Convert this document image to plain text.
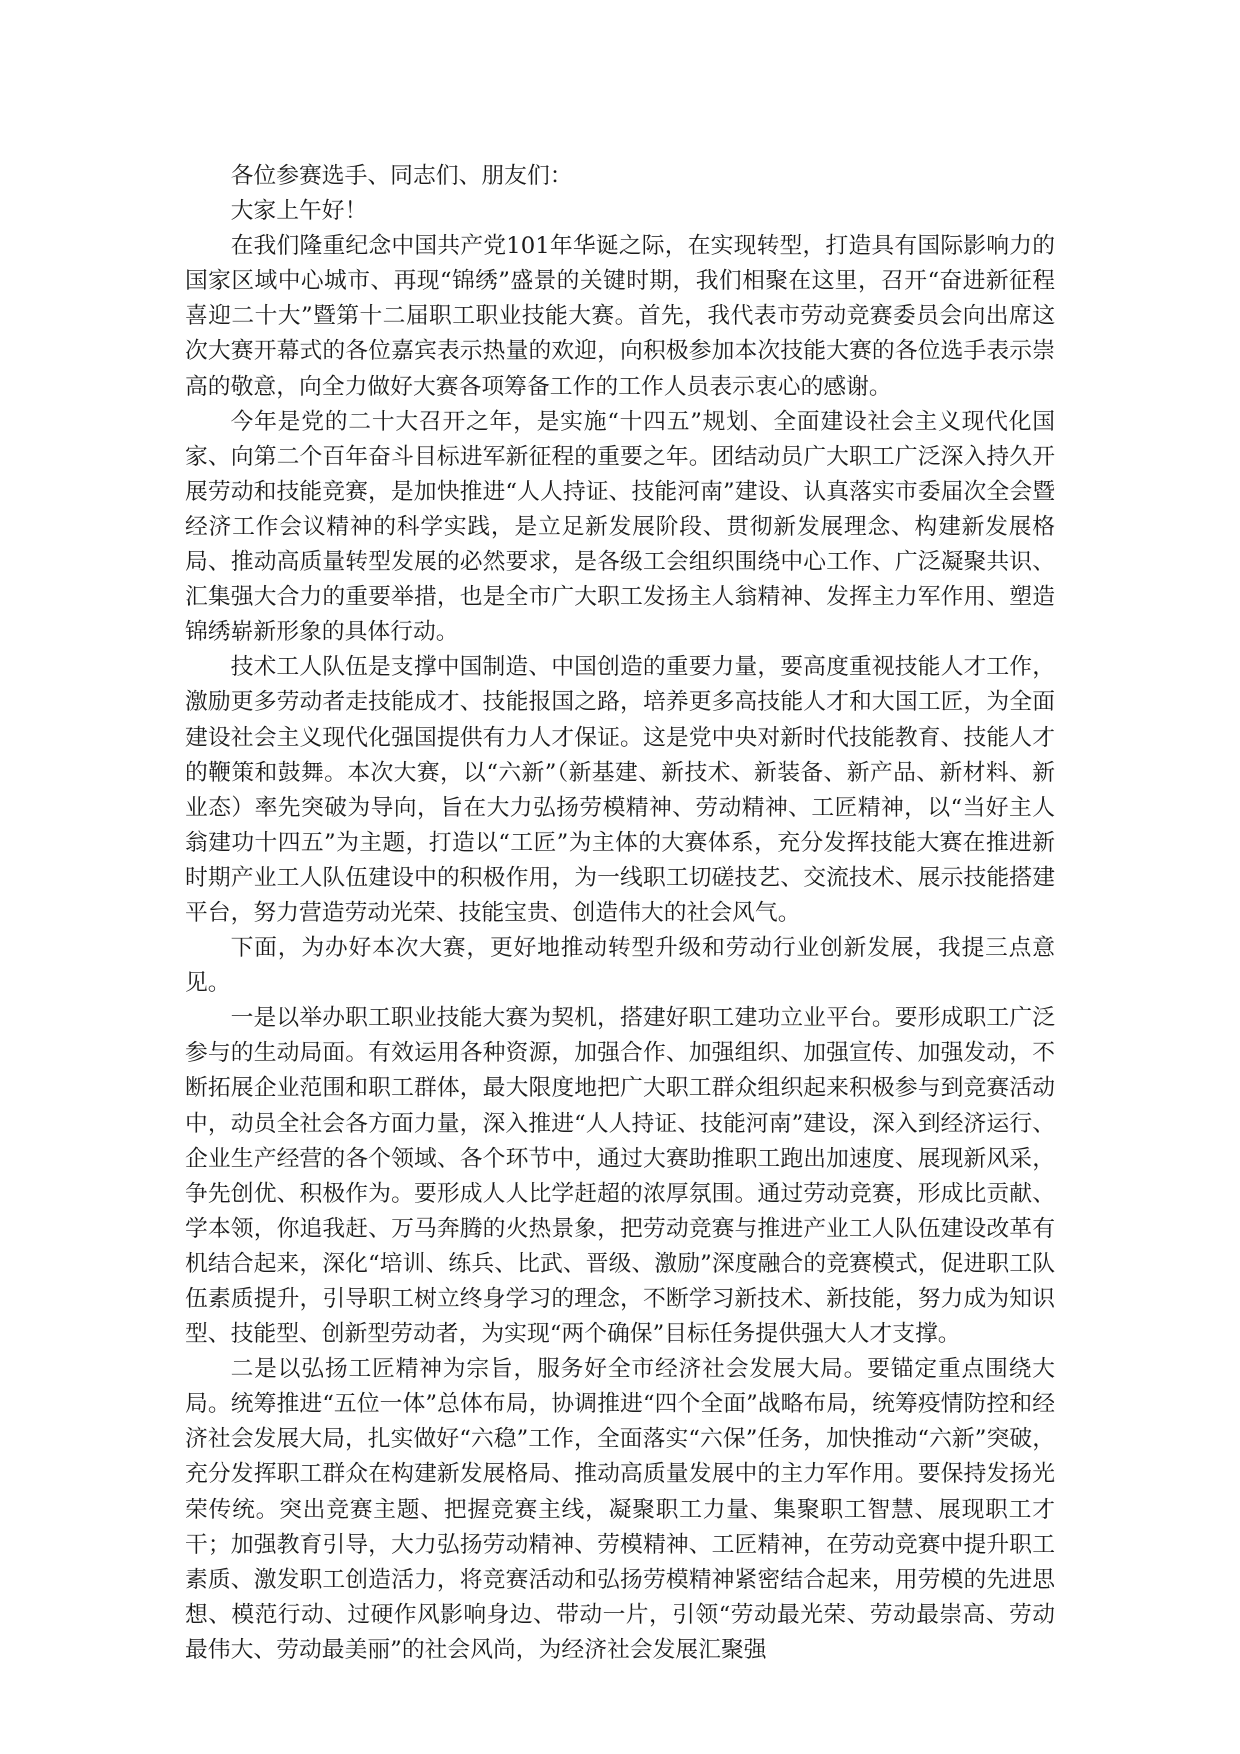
各位参赛选手、同志们、朋友们：

大家上午好！

在我们隆重纪念中国共产党101年华诞之际，在实现转型，打造具有国际影响力的国家区域中心城市、再现“锦绣”盛景的关键时期，我们相聚在这里，召开“奋进新征程 喜迎二十大”暨第十二届职工职业技能大赛。首先，我代表市劳动竞赛委员会向出席这次大赛开幕式的各位嘉宾表示热量的欢迎，向积极参加本次技能大赛的各位选手表示崇高的敬意，向全力做好大赛各项筹备工作的工作人员表示衷心的感谢。

今年是党的二十大召开之年，是实施“十四五”规划、全面建设社会主义现代化国家、向第二个百年奋斗目标进军新征程的重要之年。团结动员广大职工广泛深入持久开展劳动和技能竞赛，是加快推进“人人持证、技能河南”建设、认真落实市委届次全会暨经济工作会议精神的科学实践，是立足新发展阶段、贯彻新发展理念、构建新发展格局、推动高质量转型发展的必然要求，是各级工会组织围绕中心工作、广泛凝聚共识、汇集强大合力的重要举措，也是全市广大职工发扬主人翁精神、发挥主力军作用、塑造锦绣崭新形象的具体行动。

技术工人队伍是支撑中国制造、中国创造的重要力量，要高度重视技能人才工作，激励更多劳动者走技能成才、技能报国之路，培养更多高技能人才和大国工匠，为全面建设社会主义现代化强国提供有力人才保证。这是党中央对新时代技能教育、技能人才的鞭策和鼓舞。本次大赛，以“六新”（新基建、新技术、新装备、新产品、新材料、新业态）率先突破为导向，旨在大力弘扬劳模精神、劳动精神、工匠精神，以“当好主人翁建功十四五”为主题，打造以“工匠”为主体的大赛体系，充分发挥技能大赛在推进新时期产业工人队伍建设中的积极作用，为一线职工切磋技艺、交流技术、展示技能搭建平台，努力营造劳动光荣、技能宝贵、创造伟大的社会风气。

下面，为办好本次大赛，更好地推动转型升级和劳动行业创新发展，我提三点意见。

一是以举办职工职业技能大赛为契机，搭建好职工建功立业平台。要形成职工广泛参与的生动局面。有效运用各种资源，加强合作、加强组织、加强宣传、加强发动，不断拓展企业范围和职工群体，最大限度地把广大职工群众组织起来积极参与到竞赛活动中，动员全社会各方面力量，深入推进“人人持证、技能河南”建设，深入到经济运行、企业生产经营的各个领域、各个环节中，通过大赛助推职工跑出加速度、展现新风采，争先创优、积极作为。要形成人人比学赶超的浓厚氛围。通过劳动竞赛，形成比贡献、学本领，你追我赶、万马奔腾的火热景象，把劳动竞赛与推进产业工人队伍建设改革有机结合起来，深化“培训、练兵、比武、晋级、激励”深度融合的竞赛模式，促进职工队伍素质提升，引导职工树立终身学习的理念，不断学习新技术、新技能，努力成为知识型、技能型、创新型劳动者，为实现“两个确保”目标任务提供强大人才支撑。

二是以弘扬工匠精神为宗旨，服务好全市经济社会发展大局。要锚定重点围绕大局。统筹推进“五位一体”总体布局，协调推进“四个全面”战略布局，统筹疫情防控和经济社会发展大局，扎实做好“六稳”工作，全面落实“六保”任务，加快推动“六新”突破，充分发挥职工群众在构建新发展格局、推动高质量发展中的主力军作用。要保持发扬光荣传统。突出竞赛主题、把握竞赛主线，凝聚职工力量、集聚职工智慧、展现职工才干；加强教育引导，大力弘扬劳动精神、劳模精神、工匠精神，在劳动竞赛中提升职工素质、激发职工创造活力，将竞赛活动和弘扬劳模精神紧密结合起来，用劳模的先进思想、模范行动、过硬作风影响身边、带动一片，引领“劳动最光荣、劳动最崇高、劳动最伟大、劳动最美丽”的社会风尚，为经济社会发展汇聚强
